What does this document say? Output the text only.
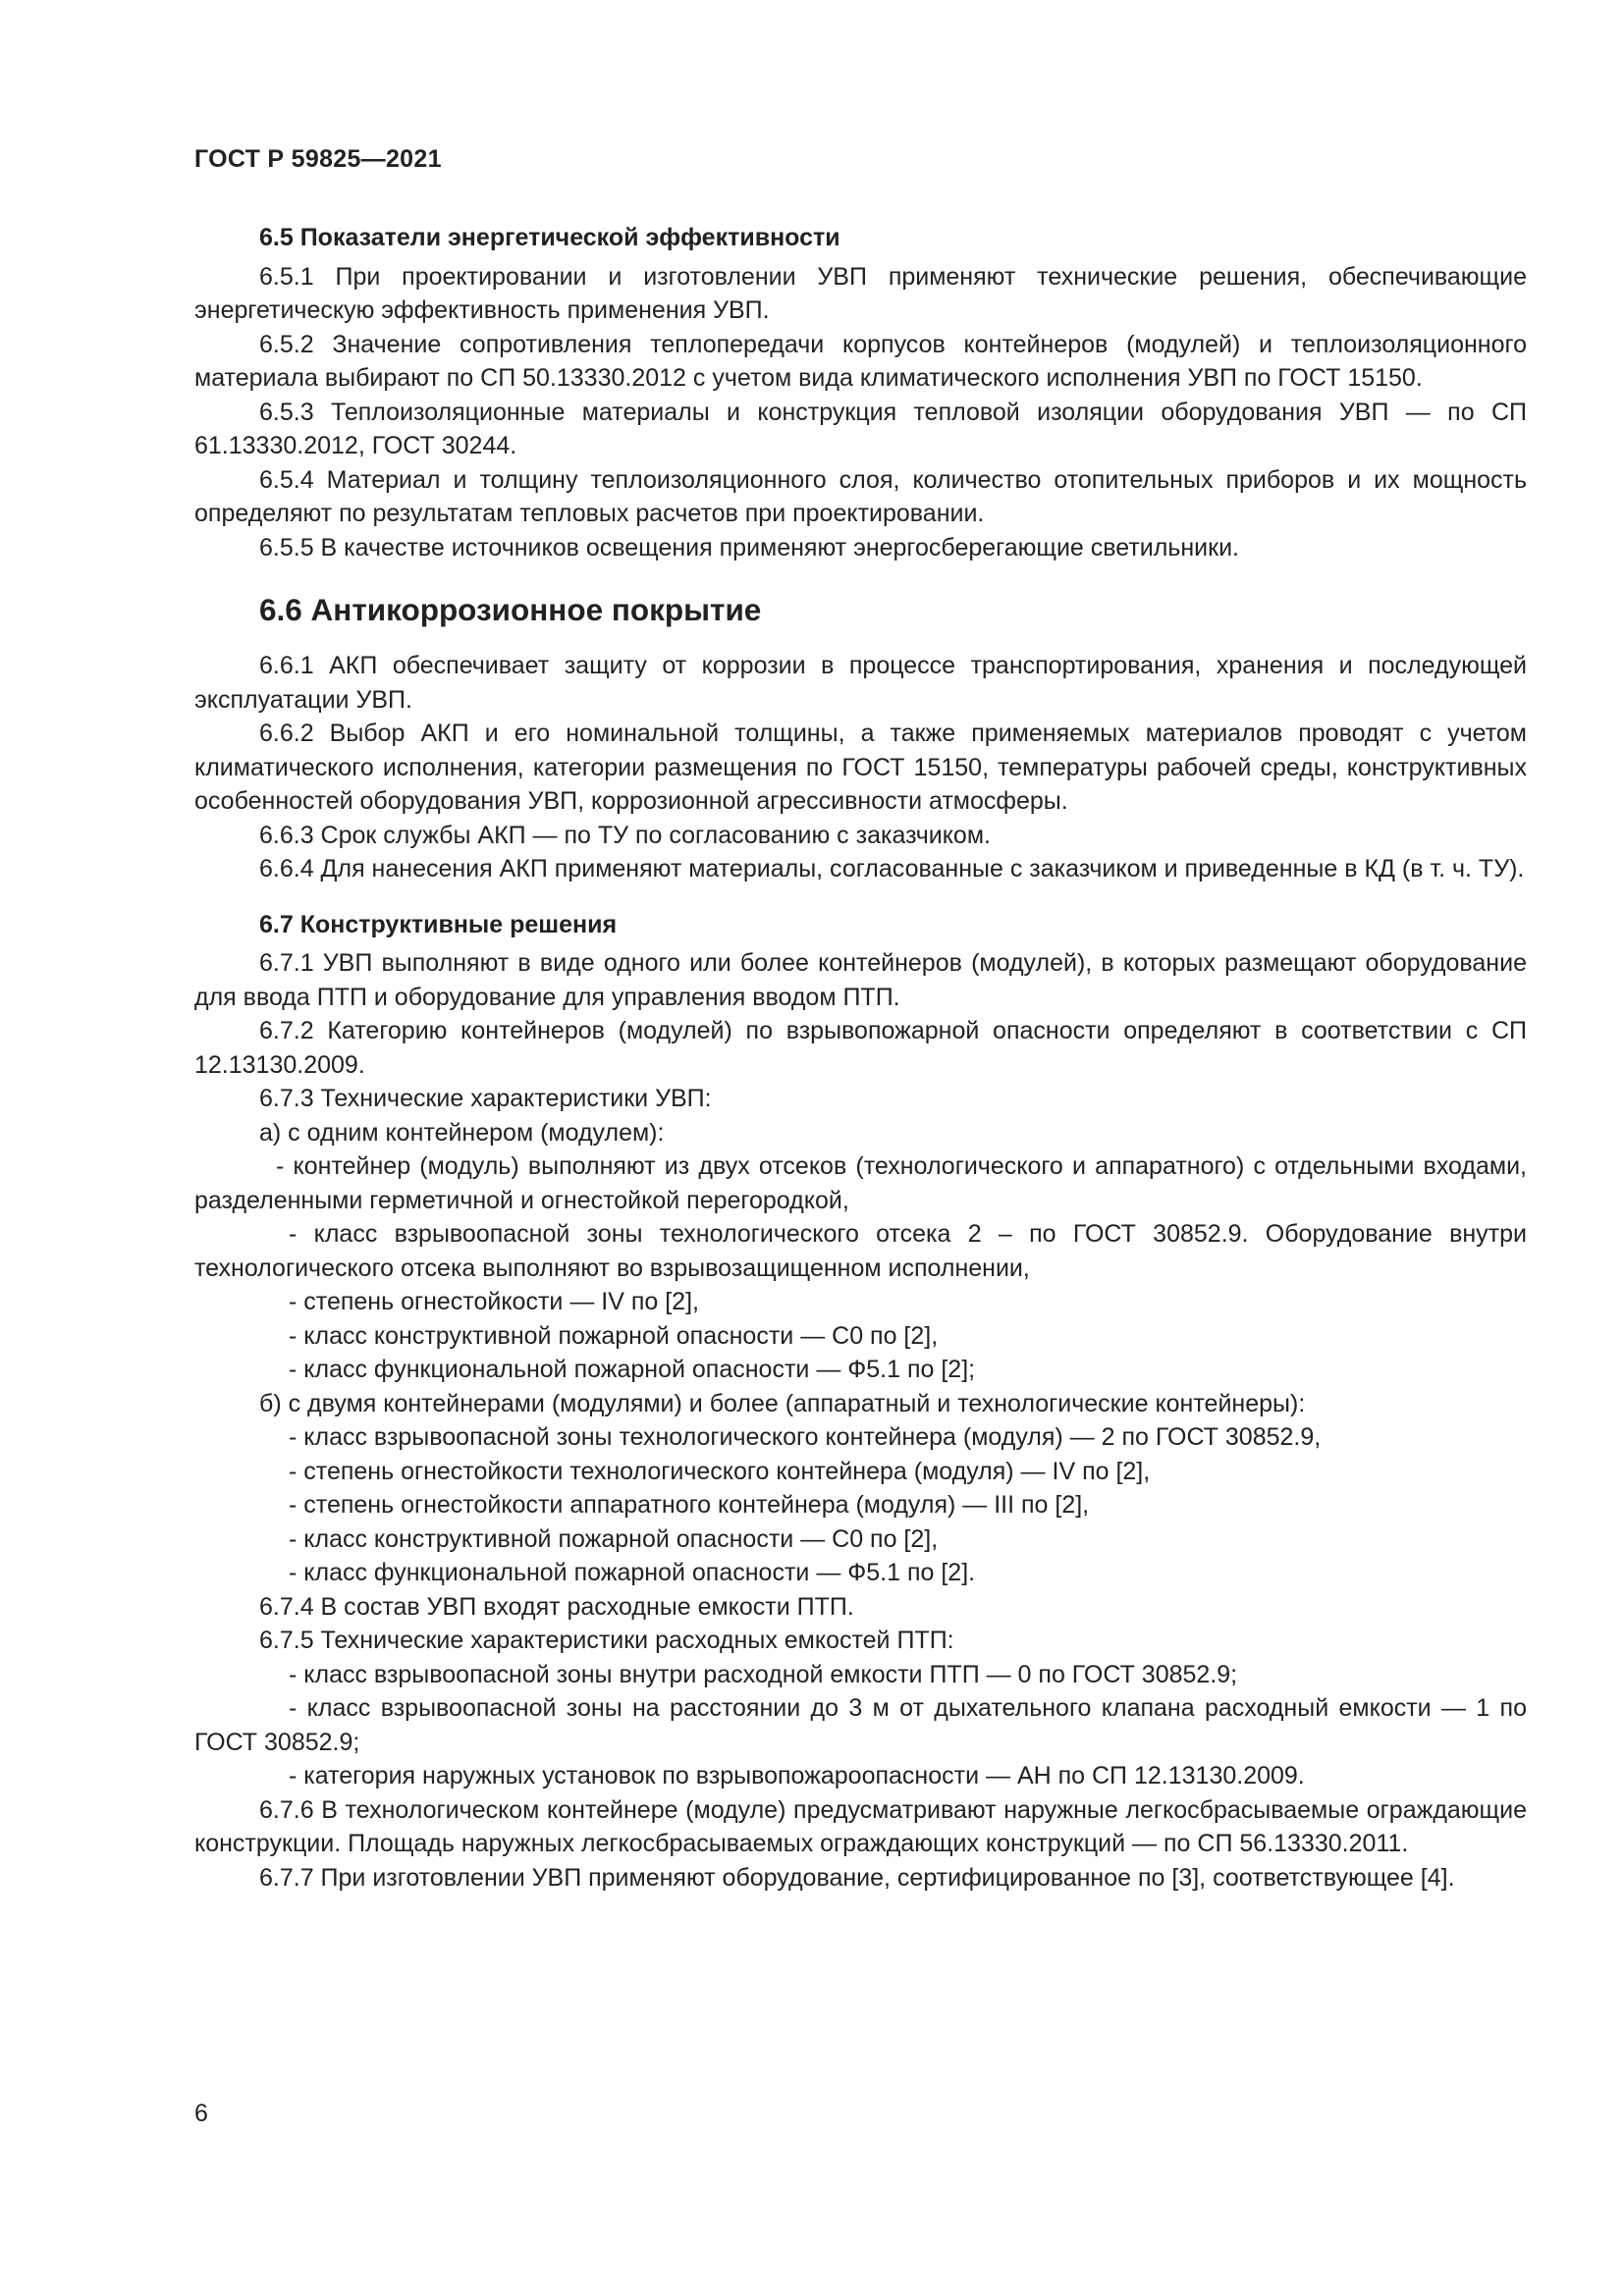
ГОСТ Р 59825—2021

6.5 Показатели энергетической эффективности

6.5.1 При проектировании и изготовлении УВП применяют технические решения, обеспечивающие энергетическую эффективность применения УВП.

6.5.2 Значение сопротивления теплопередачи корпусов контейнеров (модулей) и теплоизоляционного материала выбирают по СП 50.13330.2012 с учетом вида климатического исполнения УВП по ГОСТ 15150.

6.5.3 Теплоизоляционные материалы и конструкция тепловой изоляции оборудования УВП — по СП 61.13330.2012, ГОСТ 30244.

6.5.4 Материал и толщину теплоизоляционного слоя, количество отопительных приборов и их мощность определяют по результатам тепловых расчетов при проектировании.

6.5.5 В качестве источников освещения применяют энергосберегающие светильники.

6.6 Антикоррозионное покрытие

6.6.1 АКП обеспечивает защиту от коррозии в процессе транспортирования, хранения и последующей эксплуатации УВП.

6.6.2 Выбор АКП и его номинальной толщины, а также применяемых материалов проводят с учетом климатического исполнения, категории размещения по ГОСТ 15150, температуры рабочей среды, конструктивных особенностей оборудования УВП, коррозионной агрессивности атмосферы.

6.6.3 Срок службы АКП — по ТУ по согласованию с заказчиком.

6.6.4 Для нанесения АКП применяют материалы, согласованные с заказчиком и приведенные в КД (в т. ч. ТУ).

6.7 Конструктивные решения

6.7.1 УВП выполняют в виде одного или более контейнеров (модулей), в которых размещают оборудование для ввода ПТП и оборудование для управления вводом ПТП.

6.7.2 Категорию контейнеров (модулей) по взрывопожарной опасности определяют в соответствии с СП 12.13130.2009.

6.7.3 Технические характеристики УВП:

а) с одним контейнером (модулем):

- контейнер (модуль) выполняют из двух отсеков (технологического и аппаратного) с отдельными входами, разделенными герметичной и огнестойкой перегородкой,

- класс взрывоопасной зоны технологического отсека 2 – по ГОСТ 30852.9. Оборудование внутри технологического отсека выполняют во взрывозащищенном исполнении,

- степень огнестойкости — IV по [2],

- класс конструктивной пожарной опасности — С0 по [2],

- класс функциональной пожарной опасности — Ф5.1 по [2];

б) с двумя контейнерами (модулями) и более (аппаратный и технологические контейнеры):

- класс взрывоопасной зоны технологического контейнера (модуля) — 2 по ГОСТ 30852.9,

- степень огнестойкости технологического контейнера (модуля) — IV по [2],

- степень огнестойкости аппаратного контейнера (модуля) — III по [2],

- класс конструктивной пожарной опасности — С0 по [2],

- класс функциональной пожарной опасности — Ф5.1 по [2].

6.7.4 В состав УВП входят расходные емкости ПТП.

6.7.5 Технические характеристики расходных емкостей ПТП:

- класс взрывоопасной зоны внутри расходной емкости ПТП — 0 по ГОСТ 30852.9;

- класс взрывоопасной зоны на расстоянии до 3 м от дыхательного клапана расходный емкости — 1 по ГОСТ 30852.9;

- категория наружных установок по взрывопожароопасности — АН по СП 12.13130.2009.

6.7.6 В технологическом контейнере (модуле) предусматривают наружные легкосбрасываемые ограждающие конструкции. Площадь наружных легкосбрасываемых ограждающих конструкций — по СП 56.13330.2011.

6.7.7 При изготовлении УВП применяют оборудование, сертифицированное по [3], соответствующее [4].

6
